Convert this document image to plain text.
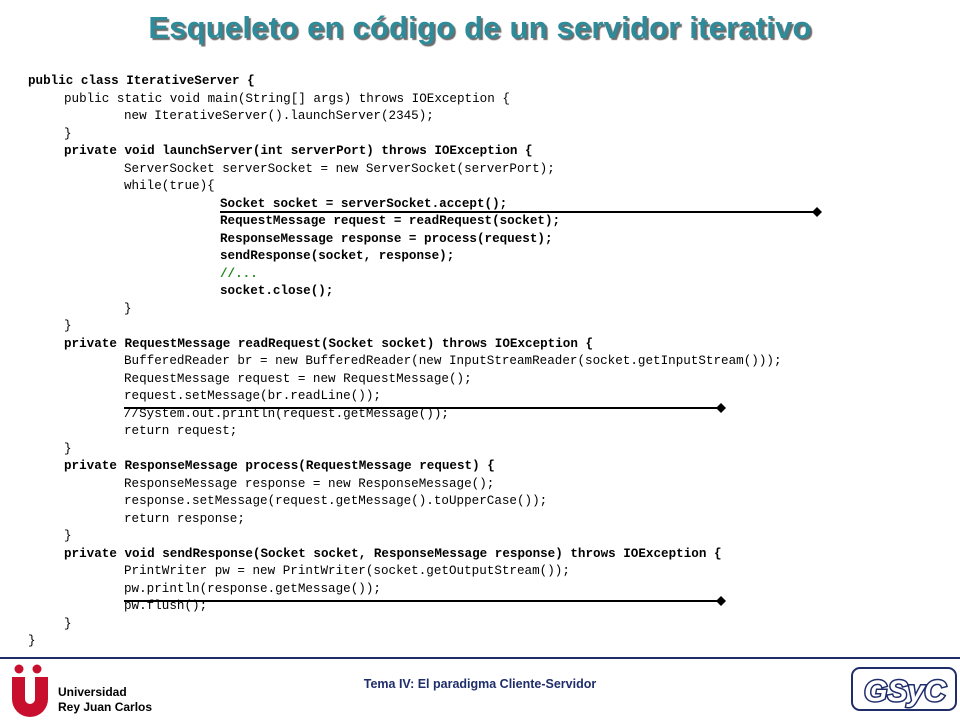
Esqueleto en código de un servidor iterativo
public class IterativeServer {
public static void main(String[] args) throws IOException {
new IterativeServer().launchServer(2345);
}
private void launchServer(int serverPort) throws IOException {
ServerSocket serverSocket = new ServerSocket(serverPort);
while(true){
Socket socket = serverSocket.accept();
RequestMessage request = readRequest(socket);
ResponseMessage response = process(request);
sendResponse(socket, response);
//...
socket.close();
}
}
private RequestMessage readRequest(Socket socket) throws IOException {
BufferedReader br = new BufferedReader(new InputStreamReader(socket.getInputStream()));
RequestMessage request = new RequestMessage();
request.setMessage(br.readLine());
//System.out.println(request.getMessage());
return request;
}
private ResponseMessage process(RequestMessage request) {
ResponseMessage response = new ResponseMessage();
response.setMessage(request.getMessage().toUpperCase());
return response;
}
private void sendResponse(Socket socket, ResponseMessage response) throws IOException {
PrintWriter pw = new PrintWriter(socket.getOutputStream());
pw.println(response.getMessage());
pw.flush();
}
}
Universidad
Rey Juan Carlos
Tema IV: El paradigma Cliente-Servidor	GSyC
